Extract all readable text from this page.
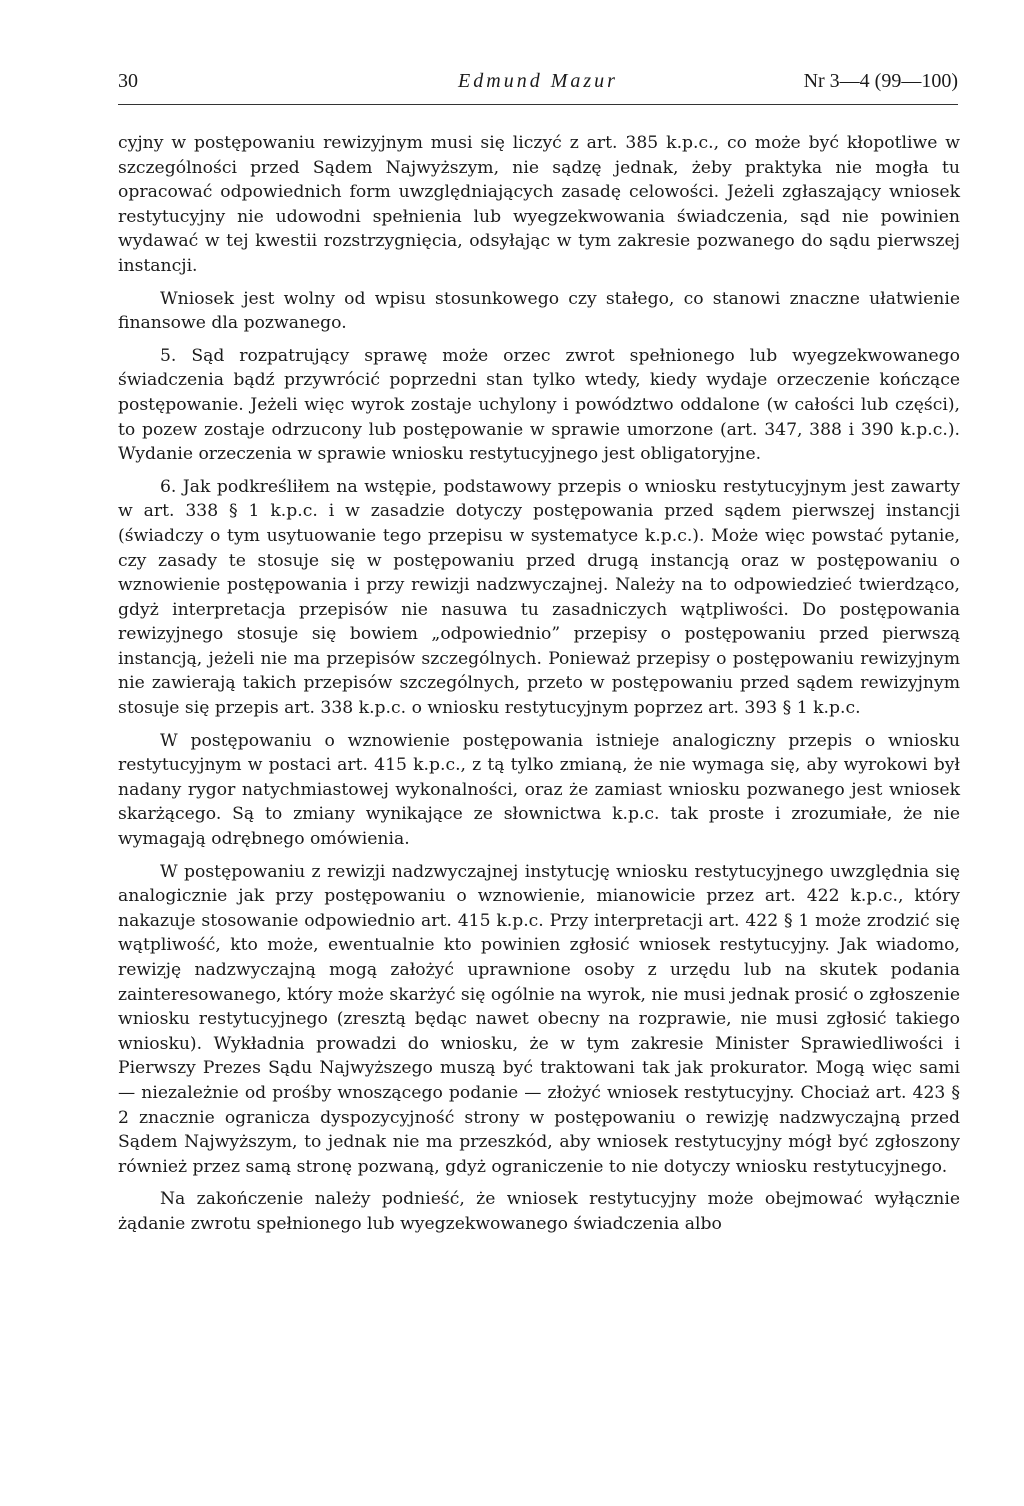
30	Edmund Mazur	Nr 3—4 (99—100)

cyjny w postępowaniu rewizyjnym musi się liczyć z art. 385 k.p.c., co może być kłopotliwe w szczególności przed Sądem Najwyższym, nie sądzę jednak, żeby praktyka nie mogła tu opracować odpowiednich form uwzględniających zasadę celowości. Jeżeli zgłaszający wniosek restytucyjny nie udowodni spełnienia lub wyegzekwowania świadczenia, sąd nie powinien wydawać w tej kwestii rozstrzygnięcia, odsyłając w tym zakresie pozwanego do sądu pierwszej instancji.

Wniosek jest wolny od wpisu stosunkowego czy stałego, co stanowi znaczne ułatwienie finansowe dla pozwanego.

5. Sąd rozpatrujący sprawę może orzec zwrot spełnionego lub wyegzekwowanego świadczenia bądź przywrócić poprzedni stan tylko wtedy, kiedy wydaje orzeczenie kończące postępowanie. Jeżeli więc wyrok zostaje uchylony i powództwo oddalone (w całości lub części), to pozew zostaje odrzucony lub postępowanie w sprawie umorzone (art. 347, 388 i 390 k.p.c.). Wydanie orzeczenia w sprawie wniosku restytucyjnego jest obligatoryjne.

6. Jak podkreśliłem na wstępie, podstawowy przepis o wniosku restytucyjnym jest zawarty w art. 338 § 1 k.p.c. i w zasadzie dotyczy postępowania przed sądem pierwszej instancji (świadczy o tym usytuowanie tego przepisu w systematyce k.p.c.). Może więc powstać pytanie, czy zasady te stosuje się w postępowaniu przed drugą instancją oraz w postępowaniu o wznowienie postępowania i przy rewizji nadzwyczajnej. Należy na to odpowiedzieć twierdząco, gdyż interpretacja przepisów nie nasuwa tu zasadniczych wątpliwości. Do postępowania rewizyjnego stosuje się bowiem „odpowiednio” przepisy o postępowaniu przed pierwszą instancją, jeżeli nie ma przepisów szczególnych. Ponieważ przepisy o postępowaniu rewizyjnym nie zawierają takich przepisów szczególnych, przeto w postępowaniu przed sądem rewizyjnym stosuje się przepis art. 338 k.p.c. o wniosku restytucyjnym poprzez art. 393 § 1 k.p.c.

W postępowaniu o wznowienie postępowania istnieje analogiczny przepis o wniosku restytucyjnym w postaci art. 415 k.p.c., z tą tylko zmianą, że nie wymaga się, aby wyrokowi był nadany rygor natychmiastowej wykonalności, oraz że zamiast wniosku pozwanego jest wniosek skarżącego. Są to zmiany wynikające ze słownictwa k.p.c. tak proste i zrozumiałe, że nie wymagają odrębnego omówienia.

W postępowaniu z rewizji nadzwyczajnej instytucję wniosku restytucyjnego uwzględnia się analogicznie jak przy postępowaniu o wznowienie, mianowicie przez art. 422 k.p.c., który nakazuje stosowanie odpowiednio art. 415 k.p.c. Przy interpretacji art. 422 § 1 może zrodzić się wątpliwość, kto może, ewentualnie kto powinien zgłosić wniosek restytucyjny. Jak wiadomo, rewizję nadzwyczajną mogą założyć uprawnione osoby z urzędu lub na skutek podania zainteresowanego, który może skarżyć się ogólnie na wyrok, nie musi jednak prosić o zgłoszenie wniosku restytucyjnego (zresztą będąc nawet obecny na rozprawie, nie musi zgłosić takiego wniosku). Wykładnia prowadzi do wniosku, że w tym zakresie Minister Sprawiedliwości i Pierwszy Prezes Sądu Najwyższego muszą być traktowani tak jak prokurator. Mogą więc sami — niezależnie od prośby wnoszącego podanie — złożyć wniosek restytucyjny. Chociaż art. 423 § 2 znacznie ogranicza dyspozycyjność strony w postępowaniu o rewizję nadzwyczajną przed Sądem Najwyższym, to jednak nie ma przeszkód, aby wniosek restytucyjny mógł być zgłoszony również przez samą stronę pozwaną, gdyż ograniczenie to nie dotyczy wniosku restytucyjnego.

Na zakończenie należy podnieść, że wniosek restytucyjny może obejmować wyłącznie żądanie zwrotu spełnionego lub wyegzekwowanego świadczenia albo
